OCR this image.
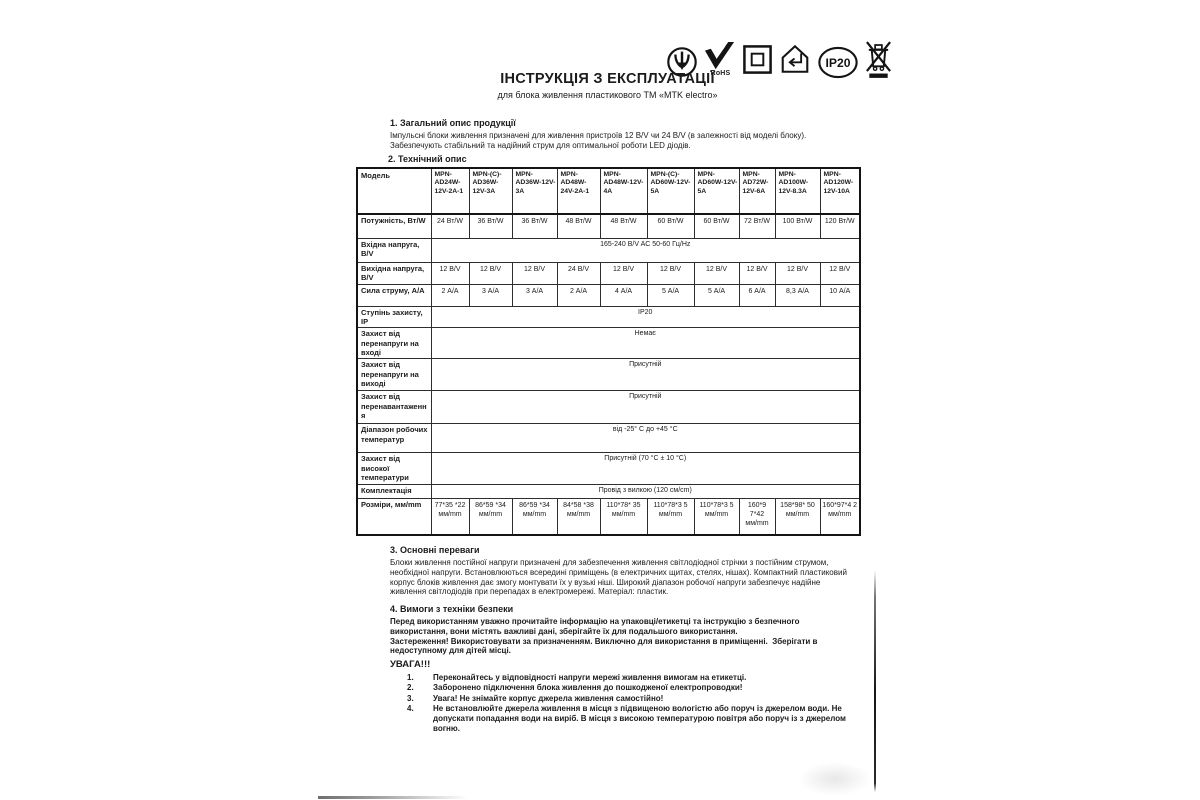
RoHS
IP20
ІНСТРУКЦІЯ З ЕКСПЛУАТАЦІЇ
для блока живлення пластикового ТМ «MTK electro»
1. Загальний опис продукції
Імпульсні блоки живлення призначені для живлення пристроїв 12 В/V чи 24 В/V (в залежності від моделі блоку).
Забезпечують стабільний та надійний струм для оптимальної роботи LED діодів.
2. Технічний опис
Модель	MPN-AD24W-12V-2A-1	MPN-(C)-AD36W-12V-3A	MPN-AD36W-12V-3A	MPN-AD48W-24V-2A-1	MPN-AD48W-12V-4A	MPN-(C)-AD60W-12V-5A	MPN-AD60W-12V-5A	MPN-AD72W-12V-6A	MPN-AD100W-12V-8.3A	MPN-AD120W-12V-10A
Потужність, Вт/W	24 Вт/W	36 Вт/W	36 Вт/W	48 Вт/W	48 Вт/W	60 Вт/W	60 Вт/W	72 Вт/W	100 Вт/W	120 Вт/W
Вхідна напруга, В/V	165-240 В/V AC 50-60 Гц/Hz									
Вихідна напруга, В/V	12 В/V	12 В/V	12 В/V	24 В/V	12 В/V	12 В/V	12 В/V	12 В/V	12 В/V	12 В/V
Сила струму, А/А	2 А/А	3 А/А	3 А/А	2 А/А	4 А/А	5 А/А	5 А/А	6 А/А	8,3 А/А	10 А/А
Ступінь захисту, IP	IP20									
Захист від перенапруги на вході	Немає									
Захист від перенапруги на виході	Присутній									
Захист від перенавантаження	Присутній									
Діапазон робочих температур	від -25° С до +45 °С									
Захист від високої температури	Присутній (70 °С ± 10 °С)									
Комплектація	Провід з вилкою (120 см/cm)									
Розміри, мм/mm	77*35 *22 мм/mm	86*59 *34 мм/mm	86*59 *34 мм/mm	84*58 *38 мм/mm	110*78* 35 мм/mm	110*78*3 5 мм/mm	110*78*3 5 мм/mm	160*9 7*42 мм/mm	158*98* 50 мм/mm	160*97*4 2 мм/mm
3. Основні переваги
Блоки живлення постійної напруги призначені для забезпечення живлення світлодіодної стрічки з постійним струмом,
необхідної напруги. Встановлюються всередині приміщень (в електричних щитах, стелях, нішах). Компактний пластиковий
корпус блоків живлення дає змогу монтувати їх у вузькі ніші. Широкий діапазон робочої напруги забезпечує надійне
живлення світлодіодів при перепадах в електромережі. Матеріал: пластик.
4. Вимоги з техніки безпеки
Перед використанням уважно прочитайте інформацію на упаковці/етикетці та інструкцію з безпечного
використання, вони містять важливі дані, зберігайте їх для подальшого використання.
Застереження! Використовувати за призначенням. Виключно для використання в приміщенні.  Зберігати в
недоступному для дітей місці.
УВАГА!!!
1.	Переконайтесь у відповідності напруги мережі живлення вимогам на етикетці.
2.	Заборонено підключення блока живлення до пошкодженої електропроводки!
3.	Увага! Не знімайте корпус джерела живлення самостійно!
4.	Не встановлюйте джерела живлення в місця з підвищеною вологістю або поруч із джерелом води. Не допускати попадання води на виріб. В місця з високою температурою повітря або поруч із з джерелом вогню.
